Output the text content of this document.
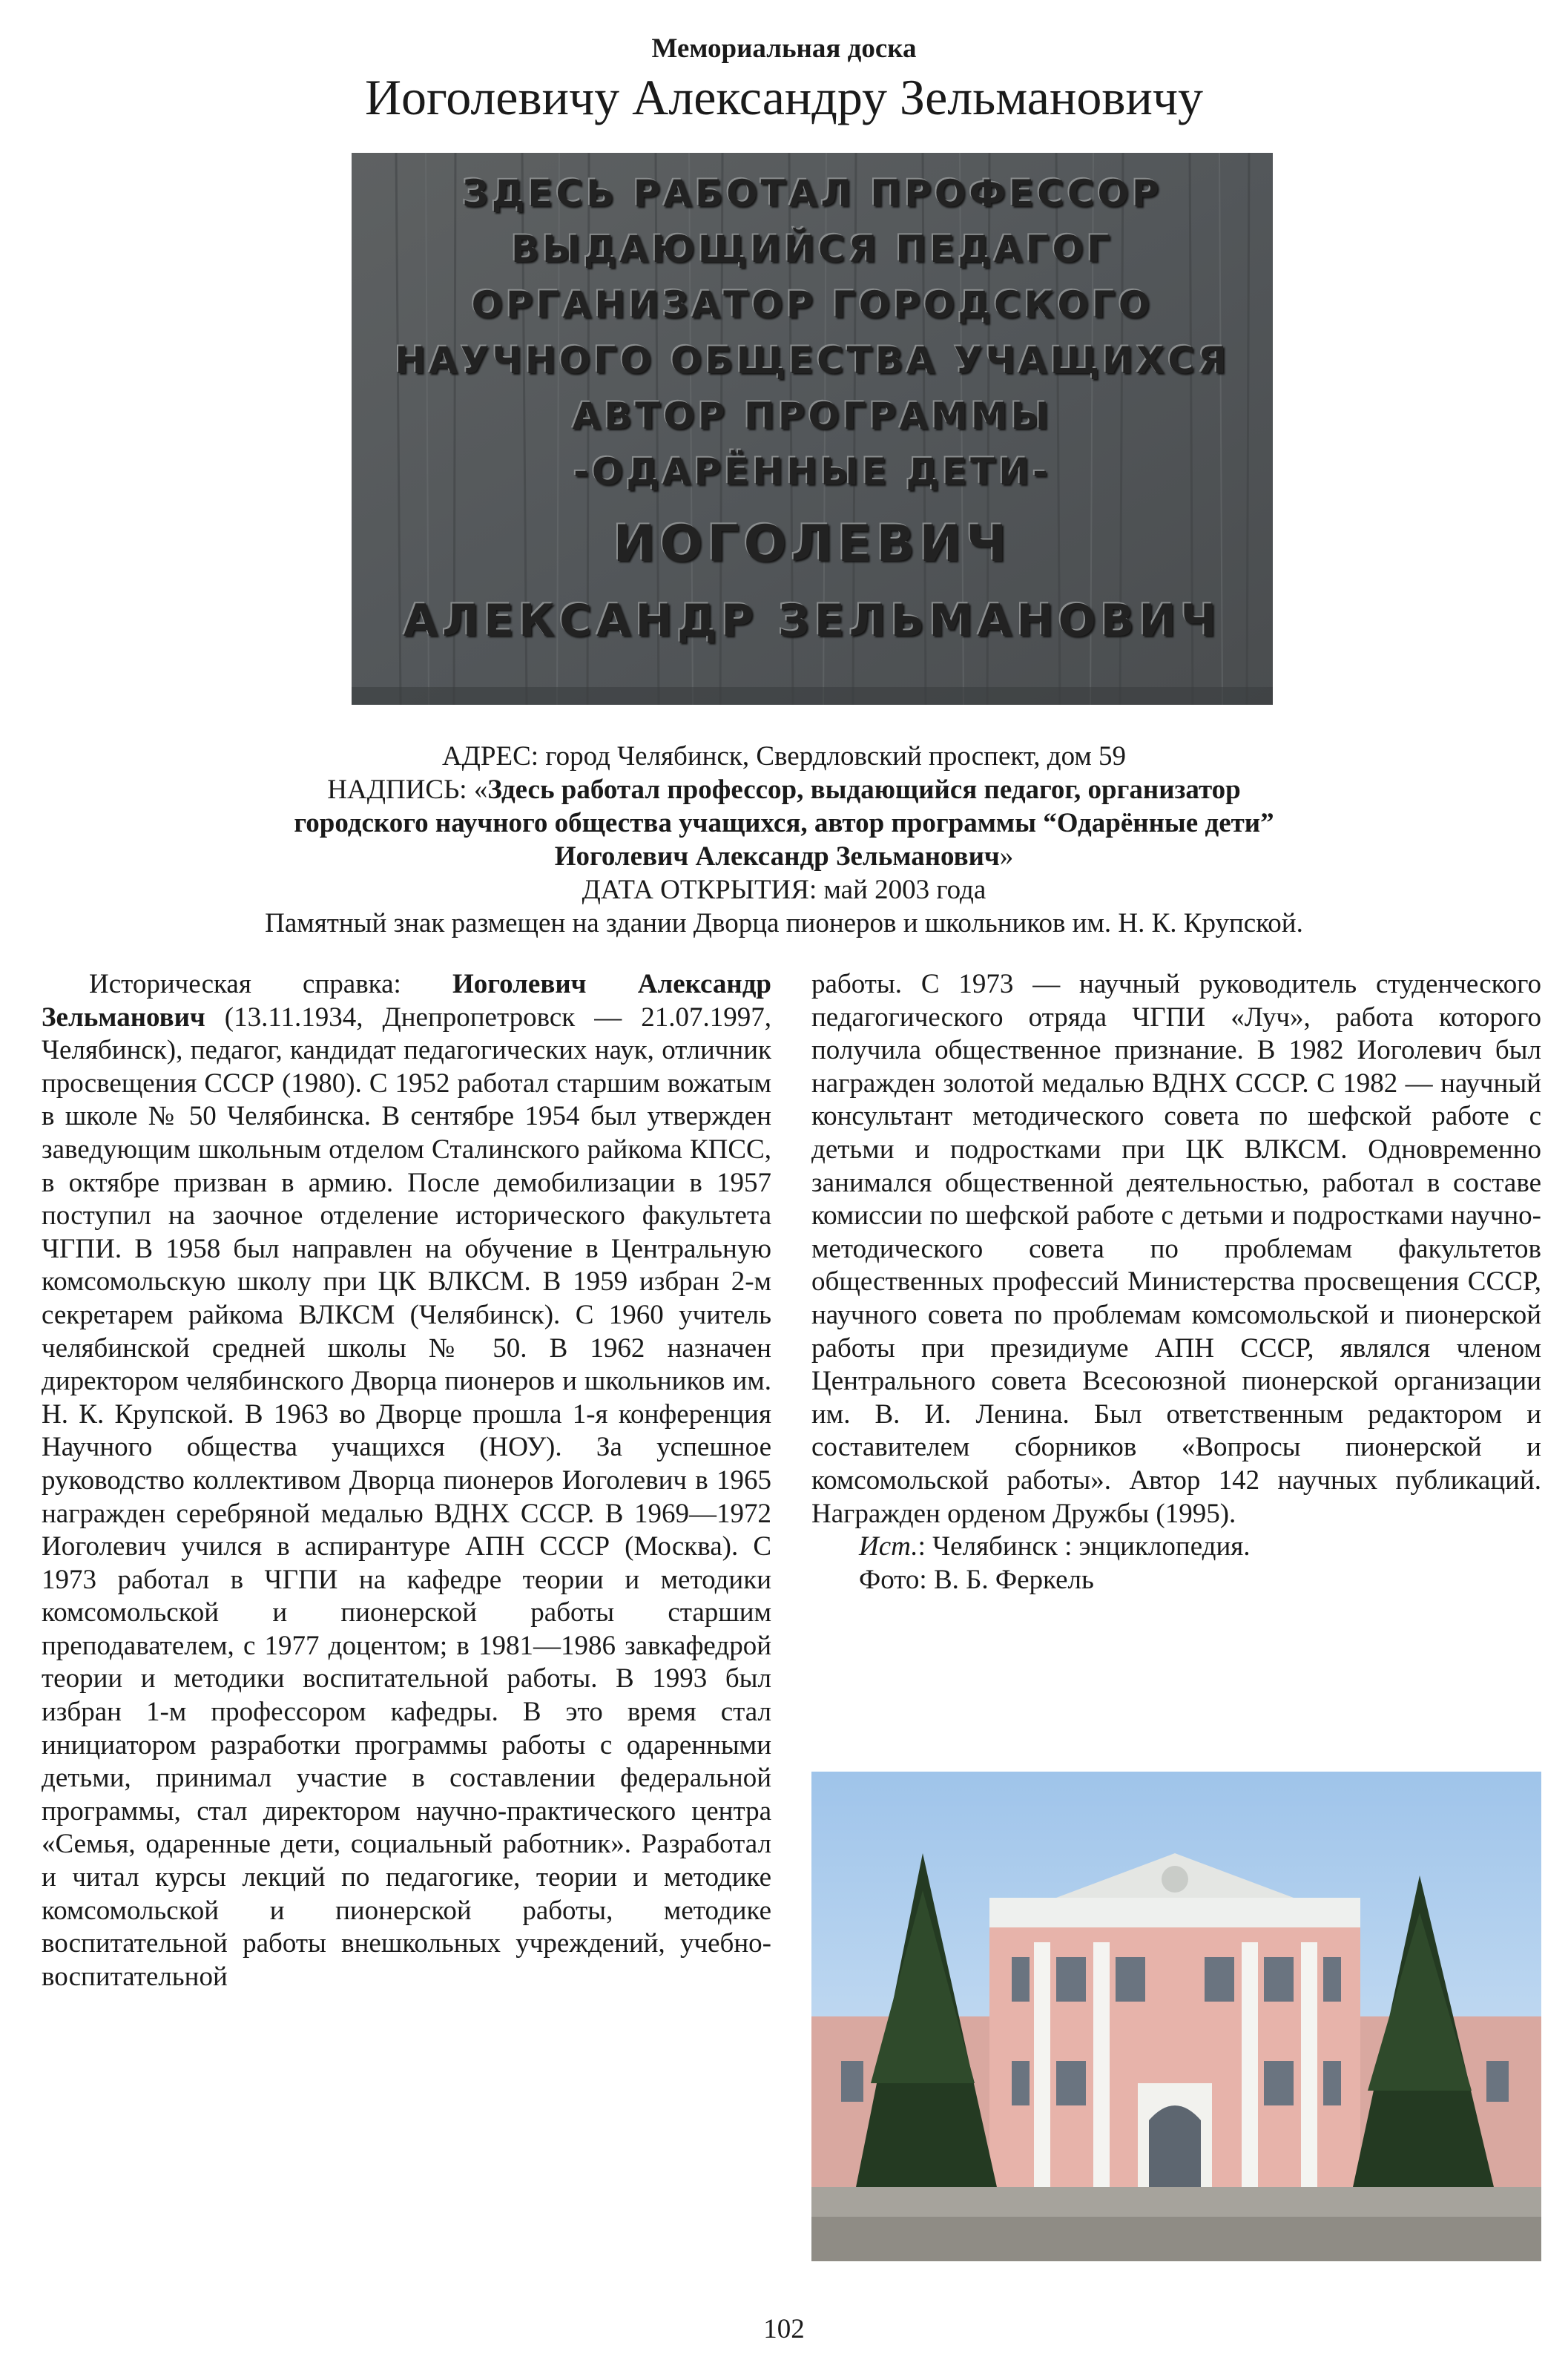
Мемориальная доска
Иоголевичу Александру Зельмановичу
ЗДЕСЬ РАБОТАЛ ПРОФЕССОР
ВЫДАЮЩИЙСЯ ПЕДАГОГ
ОРГАНИЗАТОР ГОРОДСКОГО
НАУЧНОГО ОБЩЕСТВА УЧАЩИХСЯ
АВТОР ПРОГРАММЫ
-ОДАРЁННЫЕ ДЕТИ-
ИОГОЛЕВИЧ
АЛЕКСАНДР ЗЕЛЬМАНОВИЧ
АДРЕС: город Челябинск, Свердловский проспект, дом 59
НАДПИСЬ: «Здесь работал профессор, выдающийся педагог, организатор
городского научного общества учащихся, автор программы “Одарённые дети”
Иоголевич Александр Зельманович»
ДАТА ОТКРЫТИЯ: май 2003 года
Памятный знак размещен на здании Дворца пионеров и школьников им. Н. К. Крупской.

Историческая справка: Иоголевич Александр Зельманович (13.11.1934, Днепропетровск — 21.07.1997, Челябинск), педагог, кандидат педагогических наук, отличник просвещения СССР (1980). С 1952 работал старшим вожатым в школе № 50 Челябинска. В сентябре 1954 был утвержден заведующим школьным отделом Сталинского райкома КПСС, в октябре призван в армию. После демобилизации в 1957 поступил на заочное отделение исторического факультета ЧГПИ. В 1958 был направлен на обучение в Центральную комсомольскую школу при ЦК ВЛКСМ. В 1959 избран 2-м секретарем райкома ВЛКСМ (Челябинск). С 1960 учитель челябинской средней школы № 50. В 1962 назначен директором челябинского Дворца пионеров и школьников им. Н. К. Крупской. В 1963 во Дворце прошла 1-я конференция Научного общества учащихся (НОУ). За успешное руководство коллективом Дворца пионеров Иоголевич в 1965 награжден серебряной медалью ВДНХ СССР. В 1969—1972 Иоголевич учился в аспирантуре АПН СССР (Москва). С 1973 работал в ЧГПИ на кафедре теории и методики комсомольской и пионерской работы старшим преподавателем, с 1977 доцентом; в 1981—1986 завкафедрой теории и методики воспитательной работы. В 1993 был избран 1-м профессором кафедры. В это время стал инициатором разработки программы работы с одаренными детьми, принимал участие в составлении федеральной программы, стал директором научно-практического центра «Семья, одаренные дети, социальный работник». Разработал и читал курсы лекций по педагогике, теории и методике комсомольской и пионерской работы, методике воспитательной работы внешкольных учреждений, учебно-воспитательной

работы. С 1973 — научный руководитель студенческого педагогического отряда ЧГПИ «Луч», работа которого получила общественное признание. В 1982 Иоголевич был награжден золотой медалью ВДНХ СССР. С 1982 — научный консультант методического совета по шефской работе с детьми и подростками при ЦК ВЛКСМ. Одновременно занимался общественной деятельностью, работал в составе комиссии по шефской работе с детьми и подростками научно-методического совета по проблемам факультетов общественных профессий Министерства просвещения СССР, научного совета по проблемам комсомольской и пионерской работы при президиуме АПН СССР, являлся членом Центрального совета Всесоюзной пионерской организации им. В. И. Ленина. Был ответственным редактором и составителем сборников «Вопросы пионерской и комсомольской работы». Автор 142 научных публикаций. Награжден орденом Дружбы (1995).

Ист.: Челябинск : энциклопедия.

Фото: В. Б. Феркель

102
